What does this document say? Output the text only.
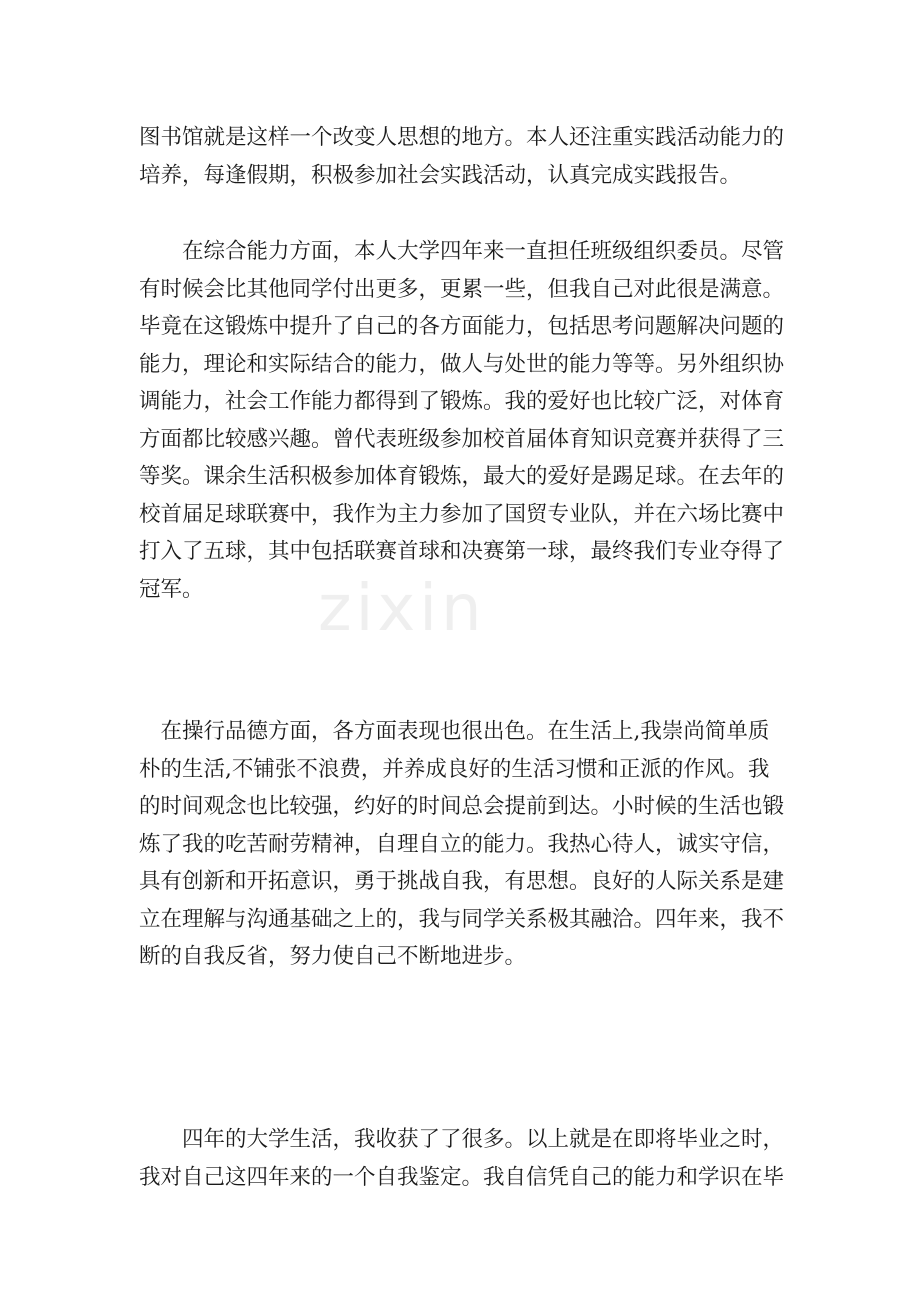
zixin

图书馆就是这样一个改变人思想的地方。本人还注重实践活动能力的
培养，每逢假期，积极参加社会实践活动，认真完成实践报告。

　　在综合能力方面，本人大学四年来一直担任班级组织委员。尽管
有时候会比其他同学付出更多，更累一些，但我自己对此很是满意。
毕竟在这锻炼中提升了自己的各方面能力，包括思考问题解决问题的
能力，理论和实际结合的能力，做人与处世的能力等等。另外组织协
调能力，社会工作能力都得到了锻炼。我的爱好也比较广泛，对体育
方面都比较感兴趣。曾代表班级参加校首届体育知识竞赛并获得了三
等奖。课余生活积极参加体育锻炼，最大的爱好是踢足球。在去年的
校首届足球联赛中，我作为主力参加了国贸专业队，并在六场比赛中
打入了五球，其中包括联赛首球和决赛第一球，最终我们专业夺得了
冠军。

　在操行品德方面，各方面表现也很出色。在生活上,我崇尚简单质
朴的生活,不铺张不浪费，并养成良好的生活习惯和正派的作风。我
的时间观念也比较强，约好的时间总会提前到达。小时候的生活也锻
炼了我的吃苦耐劳精神，自理自立的能力。我热心待人，诚实守信，
具有创新和开拓意识，勇于挑战自我，有思想。良好的人际关系是建
立在理解与沟通基础之上的，我与同学关系极其融洽。四年来，我不
断的自我反省，努力使自己不断地进步。

　　四年的大学生活，我收获了了很多。以上就是在即将毕业之时，
我对自己这四年来的一个自我鉴定。我自信凭自己的能力和学识在毕
